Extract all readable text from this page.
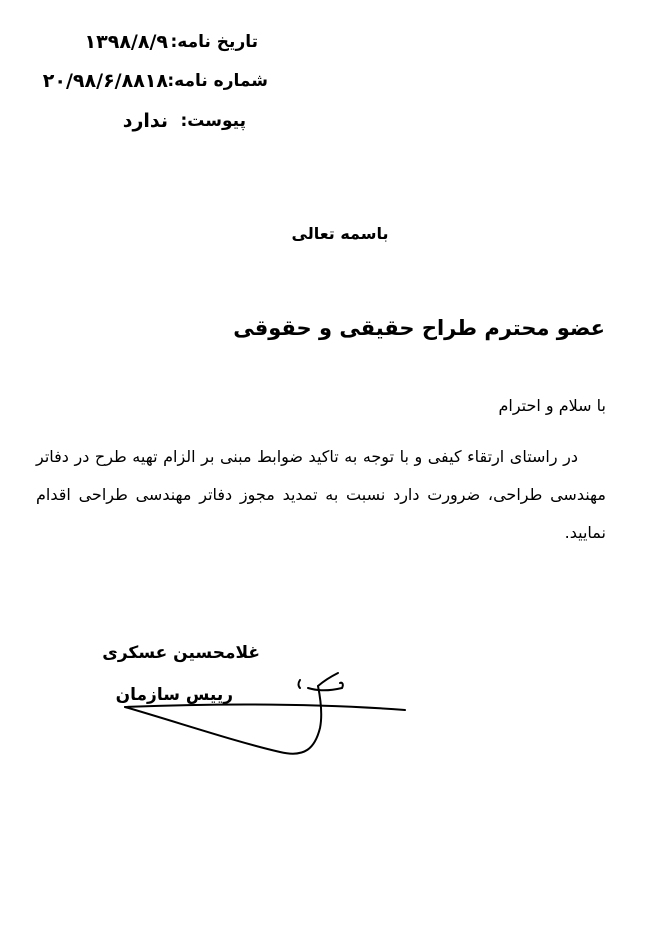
تاریخ نامه:
۱۳۹۸/۸/۹
شماره نامه:
۲۰/۹۸/۶/۸۸۱۸
پیوست:
ندارد
باسمه تعالی
عضو محترم طراح حقیقی و حقوقی
با سلام و احترام
در راستای ارتقاء کیفی و با توجه به تاکید ضوابط مبنی بر الزام تهیه طرح در دفاتر مهندسی طراحی، ضرورت دارد نسبت به تمدید مجوز دفاتر مهندسی طراحی اقدام نمایید.
غلامحسین عسکری
رییس سازمان
